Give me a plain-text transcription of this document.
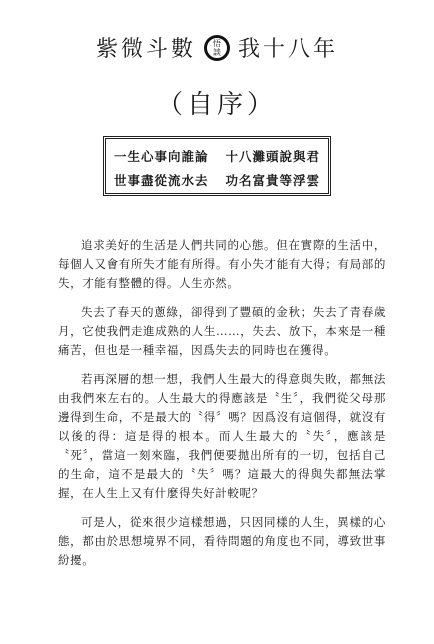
紫微斗數 悟
談 我十八年
（自序）
一生心事向誰論 十八灘頭說與君
世事盡從流水去 功名富貴等浮雲

追求美好的生活是人們共同的心態。但在實際的生活中，每個人又會有所失才能有所得。有小失才能有大得；有局部的失，才能有整體的得。人生亦然。

失去了春天的蔥綠，卻得到了豐碩的金秋；失去了青春歲月，它使我們走進成熟的人生……，失去、放下，本來是一種痛苦，但也是一種幸福，因爲失去的同時也在獲得。

若再深層的想一想，我們人生最大的得意與失敗，都無法由我們來左右的。人生最大的得應該是〝生〞，我們從父母那邊得到生命，不是最大的〝得〞嗎？因爲沒有這個得，就沒有以後的得：這是得的根本。而人生最大的〝失〞，應該是〝死〞，當這一刻來臨，我們便要拋出所有的一切，包括自己的生命，這不是最大的〝失〞嗎？這最大的得與失都無法掌握，在人生上又有什麼得失好計較呢？

可是人，從來很少這樣想過，只因同樣的人生，異樣的心態，都由於思想境界不同，看待問題的角度也不同，導致世事紛擾。
